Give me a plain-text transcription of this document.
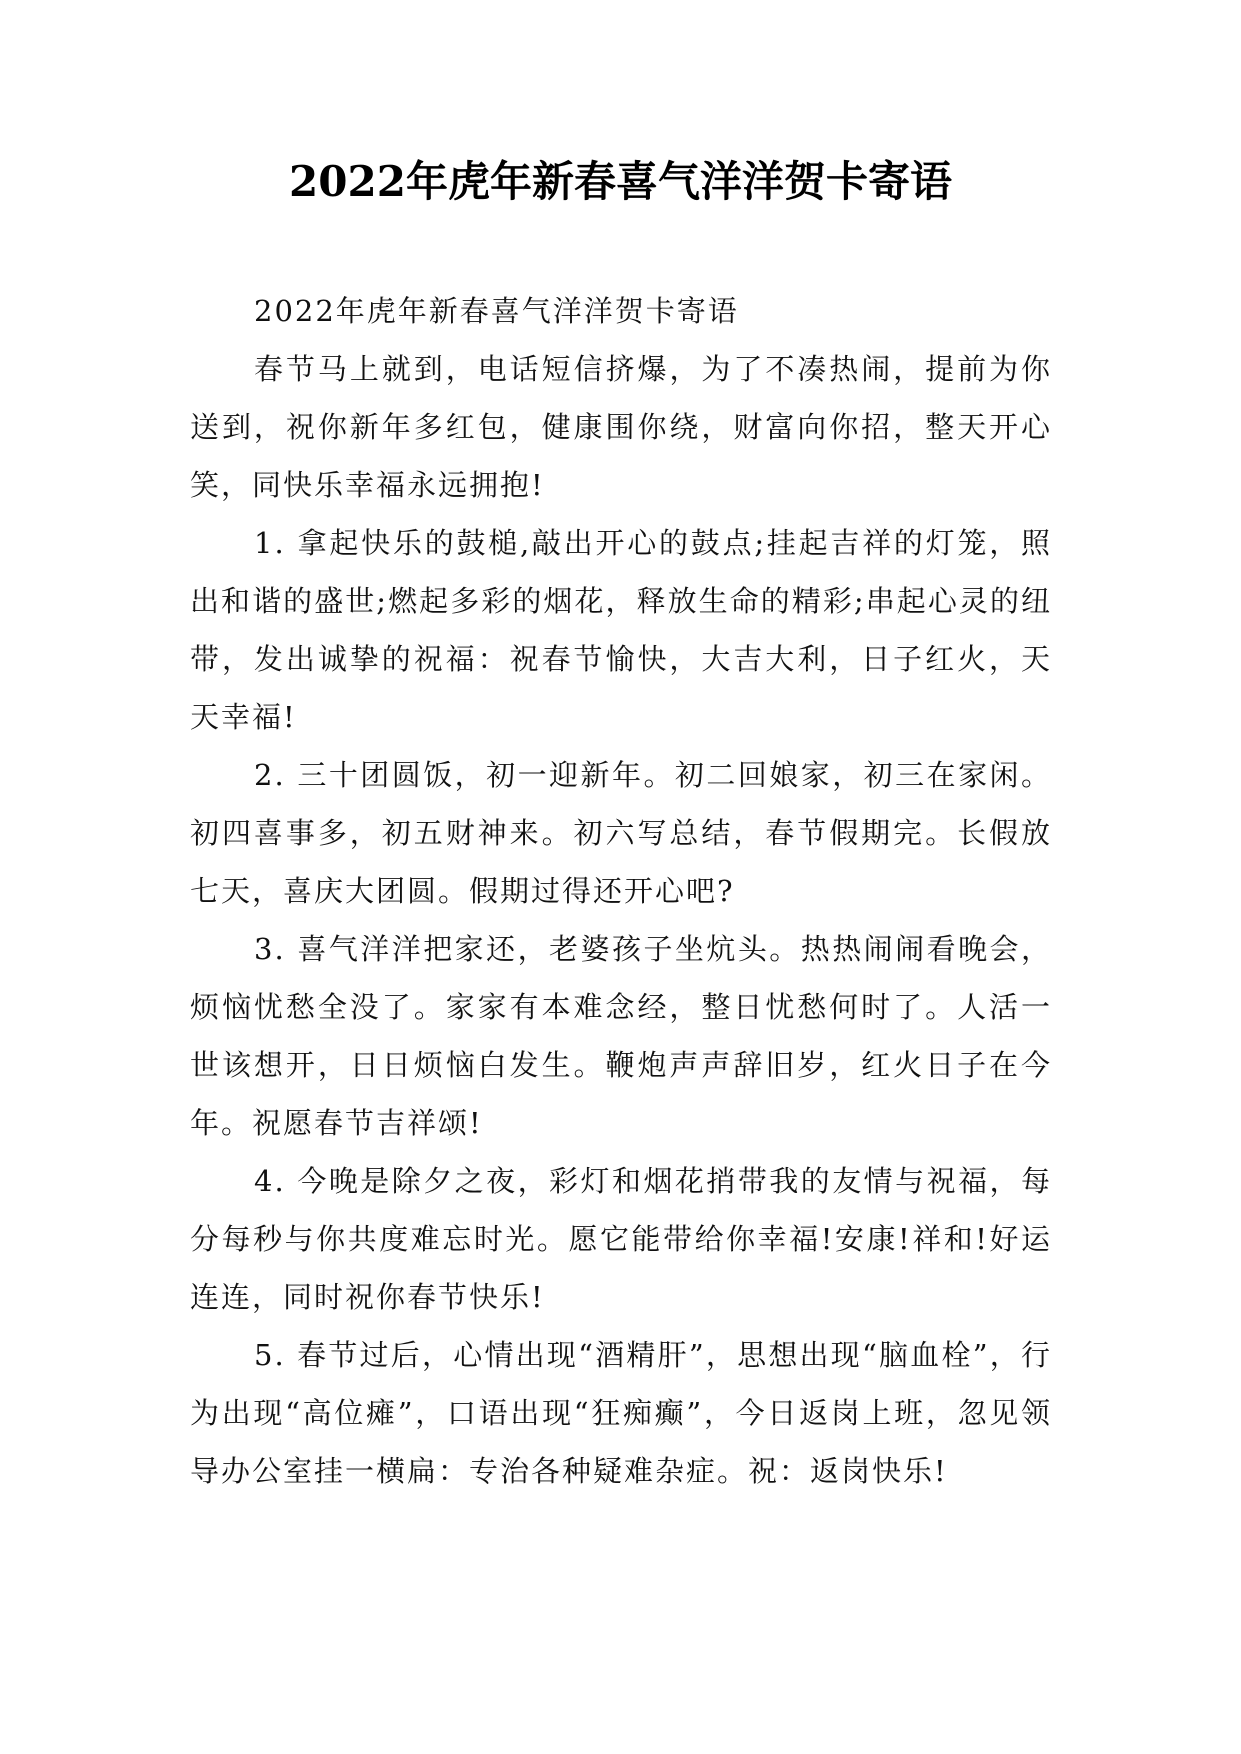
2022年虎年新春喜气洋洋贺卡寄语

2022年虎年新春喜气洋洋贺卡寄语

春节马上就到，电话短信挤爆，为了不凑热闹，提前为你送到，祝你新年多红包，健康围你绕，财富向你招，整天开心笑，同快乐幸福永远拥抱!

1. 拿起快乐的鼓槌,敲出开心的鼓点;挂起吉祥的灯笼，照出和谐的盛世;燃起多彩的烟花，释放生命的精彩;串起心灵的纽带，发出诚挚的祝福：祝春节愉快，大吉大利，日子红火，天天幸福!

2. 三十团圆饭，初一迎新年。初二回娘家，初三在家闲。初四喜事多，初五财神来。初六写总结，春节假期完。长假放七天，喜庆大团圆。假期过得还开心吧?

3. 喜气洋洋把家还，老婆孩子坐炕头。热热闹闹看晚会，烦恼忧愁全没了。家家有本难念经，整日忧愁何时了。人活一世该想开，日日烦恼白发生。鞭炮声声辞旧岁，红火日子在今年。祝愿春节吉祥颂!

4. 今晚是除夕之夜，彩灯和烟花捎带我的友情与祝福，每分每秒与你共度难忘时光。愿它能带给你幸福!安康!祥和!好运连连，同时祝你春节快乐!

5. 春节过后，心情出现“酒精肝”，思想出现“脑血栓”，行为出现“高位瘫”，口语出现“狂痴癫”，今日返岗上班，忽见领导办公室挂一横扁：专治各种疑难杂症。祝：返岗快乐!
